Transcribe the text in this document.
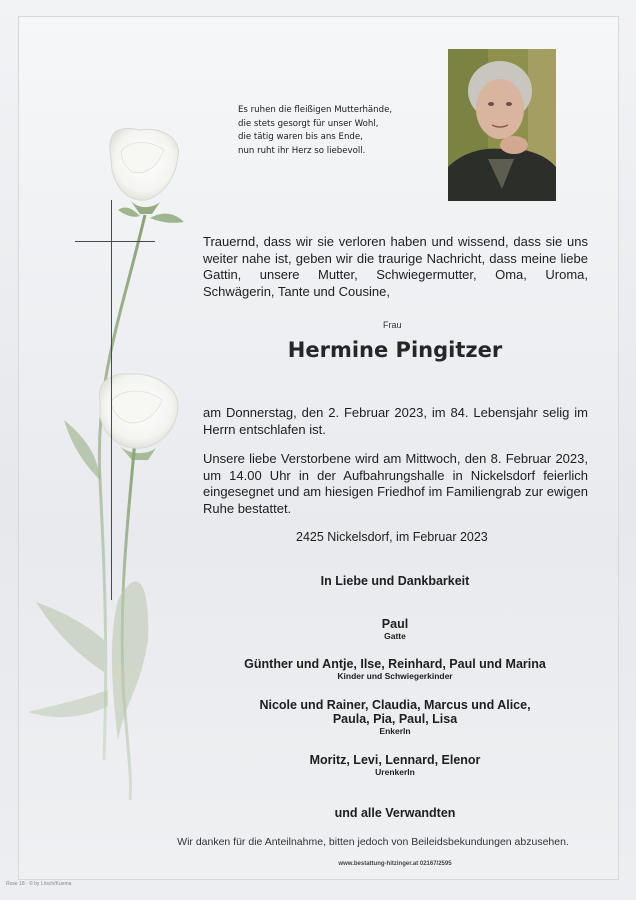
Es ruhen die fleißigen Mutterhände,
die stets gesorgt für unser Wohl,
die tätig waren bis ans Ende,
nun ruht ihr Herz so liebevoll.
Trauernd, dass wir sie verloren haben und wissend, dass sie uns weiter nahe ist, geben wir die traurige Nachricht, dass meine liebe Gattin, unsere Mutter, Schwiegermutter, Oma, Uroma, Schwägerin, Tante und Cousine,
Frau
Hermine Pingitzer
am Donnerstag, den 2. Februar 2023, im 84. Lebensjahr selig im Herrn entschlafen ist.
Unsere liebe Verstorbene wird am Mittwoch, den 8. Februar 2023, um 14.00 Uhr in der Aufbahrungshalle in Nickelsdorf feierlich eingesegnet und am hiesigen Friedhof im Familiengrab zur ewigen Ruhe bestattet.
2425 Nickelsdorf, im Februar 2023
In Liebe und Dankbarkeit
Paul
Gatte
Günther und Antje, Ilse, Reinhard, Paul und Marina
Kinder und Schwiegerkinder
Nicole und Rainer, Claudia, Marcus und Alice,
Paula, Pia, Paul, Lisa
Enkerln
Moritz, Levi, Lennard, Elenor
Urenkerln
und alle Verwandten
Wir danken für die Anteilnahme, bitten jedoch von Beileidsbekundungen abzusehen.
www.bestattung-hitzinger.at 02167/2595
Rose 18 · © by Lösch/Kuema
